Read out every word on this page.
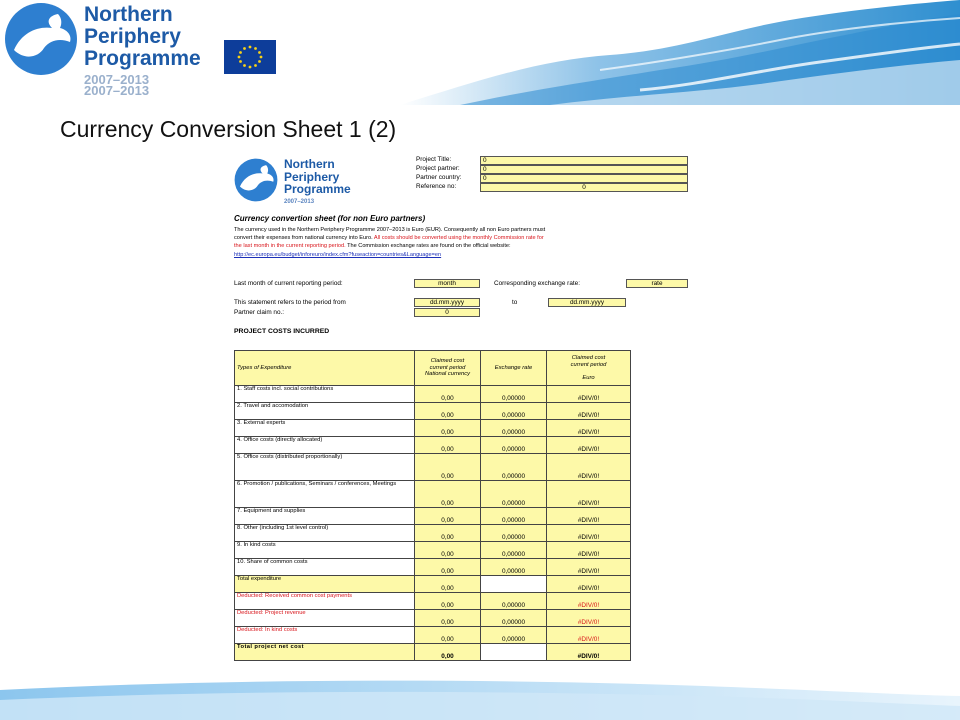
Northern
Periphery
Programme
2007–2013
2007–2013
Currency Conversion Sheet 1 (2)
Northern
Periphery
Programme
2007–2013
Project Title:	0
Project partner:	0
Partner country:	0
Reference no:	0
Currency convertion sheet (for non Euro partners)
The currency used in the Northern Periphery Programme 2007–2013 is Euro (EUR). Consequently all non Euro partners must
convert their expenses from national currency into Euro. All costs should be converted using the monthly Commission rate for
the last month in the current reporting period. The Commission exchange rates are found on the official website:
http://ec.europa.eu/budget/inforeuro/index.cfm?fuseaction=countries&Language=en
Last month of current reporting period:	month	Corresponding exchange rate:	rate
This statement refers to the period from	dd.mm.yyyy	to	dd.mm.yyyy
Partner claim no.:	0
PROJECT COSTS INCURRED
Types of Expenditure	Claimed cost
current period
National currency	Exchange rate	Claimed cost
current period
Euro

1. Staff costs incl. social contributions	0,00	0,00000	#DIV/0!
2. Travel and accomodation	0,00	0,00000	#DIV/0!
3. External experts	0,00	0,00000	#DIV/0!
4. Office costs (directly allocated)	0,00	0,00000	#DIV/0!
5. Office costs (distributed proportionally)	0,00	0,00000	#DIV/0!
6. Promotion / publications, Seminars / conferences, Meetings	0,00	0,00000	#DIV/0!
7. Equipment and supplies	0,00	0,00000	#DIV/0!
8. Other (including 1st level control)	0,00	0,00000	#DIV/0!
9. In kind costs	0,00	0,00000	#DIV/0!
10. Share of common costs	0,00	0,00000	#DIV/0!
Total expenditure	0,00		#DIV/0!
Deducted: Received common cost payments	0,00	0,00000	#DIV/0!
Deducted: Project revenue	0,00	0,00000	#DIV/0!
Deducted: In kind costs	0,00	0,00000	#DIV/0!
Total project net cost	0,00		#DIV/0!
